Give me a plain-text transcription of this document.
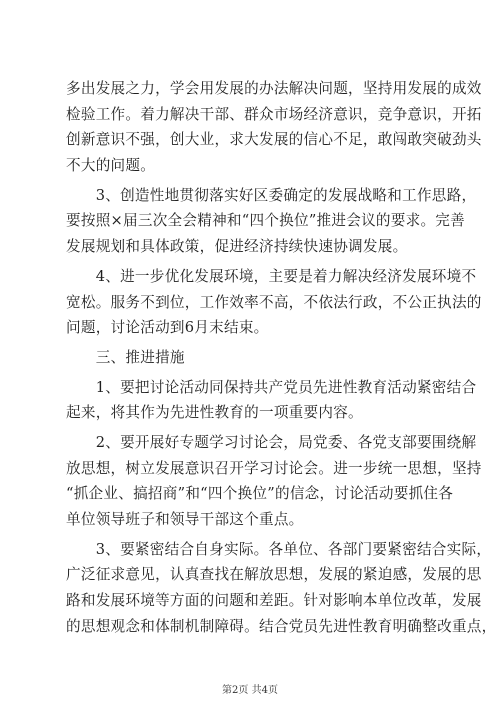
多出发展之力，学会用发展的办法解决问题，坚持用发展的成效
检验工作。着力解决干部、群众市场经济意识，竞争意识，开拓
创新意识不强，创大业，求大发展的信心不足，敢闯敢突破劲头
不大的问题。
　　3、创造性地贯彻落实好区委确定的发展战略和工作思路，
要按照×届三次全会精神和“四个换位”推进会议的要求。完善
发展规划和具体政策，促进经济持续快速协调发展。
　　4、进一步优化发展环境，主要是着力解决经济发展环境不
宽松。服务不到位，工作效率不高，不依法行政，不公正执法的
问题，讨论活动到6月末结束。
　　三、推进措施
　　1、要把讨论活动同保持共产党员先进性教育活动紧密结合
起来，将其作为先进性教育的一项重要内容。
　　2、要开展好专题学习讨论会，局党委、各党支部要围绕解
放思想，树立发展意识召开学习讨论会。进一步统一思想，坚持
“抓企业、搞招商”和“四个换位”的信念，讨论活动要抓住各
单位领导班子和领导干部这个重点。
　　3、要紧密结合自身实际。各单位、各部门要紧密结合实际，
广泛征求意见，认真查找在解放思想，发展的紧迫感，发展的思
路和发展环境等方面的问题和差距。针对影响本单位改革，发展
的思想观念和体制机制障碍。结合党员先进性教育明确整改重点，
第2页 共4页
